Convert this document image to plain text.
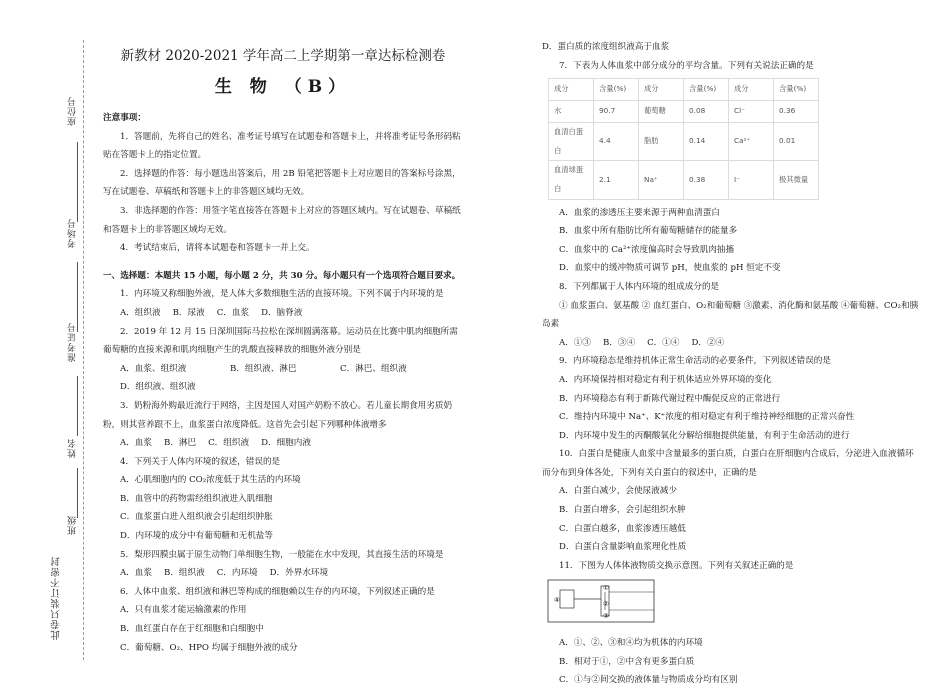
座位号
考场号
准考证号
姓名
班级
此卷只装订不密封
新教材 2020-2021 学年高二上学期第一章达标检测卷
生 物 （B）
注意事项：
1．答题前，先将自己的姓名、准考证号填写在试题卷和答题卡上，并将准考证号条形码粘贴在答题卡上的指定位置。
2．选择题的作答：每小题选出答案后，用 2B 铅笔把答题卡上对应题目的答案标号涂黑，写在试题卷、草稿纸和答题卡上的非答题区域均无效。
3．非选择题的作答：用签字笔直接答在答题卡上对应的答题区域内。写在试题卷、草稿纸和答题卡上的非答题区域均无效。
4．考试结束后，请将本试题卷和答题卡一并上交。
一、选择题：本题共 15 小题，每小题 2 分，共 30 分。每小题只有一个选项符合题目要求。
1．内环境又称细胞外液，是人体大多数细胞生活的直接环境。下列不属于内环境的是
A．组织液 B．尿液 C．血浆 D．脑脊液
2．2019 年 12 月 15 日深圳国际马拉松在深圳圆满落幕。运动员在比赛中肌肉细胞所需葡萄糖的直接来源和肌肉细胞产生的乳酸直接释放的细胞外液分别是
A．血浆、组织液	B．组织液、淋巴	C．淋巴、组织液
D．组织液、组织液
3．奶粉海外购最近流行于网络，主因是国人对国产奶粉不放心。若儿童长期食用劣质奶粉，则其营养跟不上，血浆蛋白浓度降低。这首先会引起下列哪种体液增多
A．血浆 B．淋巴 C．组织液 D．细胞内液
4．下列关于人体内环境的叙述，错误的是
A．心肌细胞内的 CO₂浓度低于其生活的内环境
B．血管中的药物需经组织液进入肌细胞
C．血浆蛋白进入组织液会引起组织肿胀
D．内环境的成分中有葡萄糖和无机盐等
5．梨形四膜虫属于原生动物门单细胞生物，一般能在水中发现，其直接生活的环境是
A．血浆 B．组织液 C．内环境 D．外界水环境
6．人体中血浆、组织液和淋巴等构成的细胞赖以生存的内环境，下列叙述正确的是
A．只有血浆才能运输激素的作用
B．血红蛋白存在于红细胞和白细胞中
C．葡萄糖、O₂、HPO 均属于细胞外液的成分
D．蛋白质的浓度组织液高于血浆
7．下表为人体血浆中部分成分的平均含量。下列有关说法正确的是
成分	含量(%)	成分	含量(%)	成分	含量(%)
水	90.7	葡萄糖	0.08	Cl⁻	0.36
血清白蛋白	4.4	脂肪	0.14	Ca²⁺	0.01
血清球蛋白	2.1	Na⁺	0.38	I⁻	极其微量
A．血浆的渗透压主要来源于两种血清蛋白
B．血浆中所有脂肪比所有葡萄糖储存的能量多
C．血浆中的 Ca²⁺浓度偏高时会导致肌肉抽搐
D．血浆中的缓冲物质可调节 pH，使血浆的 pH 恒定不变
8．下列都属于人体内环境的组成成分的是
① 血浆蛋白、氨基酸 ② 血红蛋白、O₂和葡萄糖 ③激素、消化酶和氨基酸 ④葡萄糖、CO₂和胰岛素
A．①③ B．③④ C．①④ D．②④
9．内环境稳态是维持机体正常生命活动的必要条件，下列叙述错误的是
A．内环境保持相对稳定有利于机体适应外界环境的变化
B．内环境稳态有利于新陈代谢过程中酶促反应的正常进行
C．维持内环境中 Na⁺、K⁺浓度的相对稳定有利于维持神经细胞的正常兴奋性
D．内环境中发生的丙酮酸氧化分解给细胞提供能量，有利于生命活动的进行
10．白蛋白是健康人血浆中含量最多的蛋白质，白蛋白在肝细胞内合成后，分泌进入血液循环而分布到身体各处，下列有关白蛋白的叙述中，正确的是
A．白蛋白减少，会使尿液减少
B．白蛋白增多，会引起组织水肿
C．白蛋白越多，血浆渗透压越低
D．白蛋白含量影响血浆理化性质
11．下图为人体体液物质交换示意图。下列有关叙述正确的是
④
①
②
③
A．①、②、③和④均为机体的内环境
B．相对于①，②中含有更多蛋白质
C．①与②间交换的液体量与物质成分均有区别
